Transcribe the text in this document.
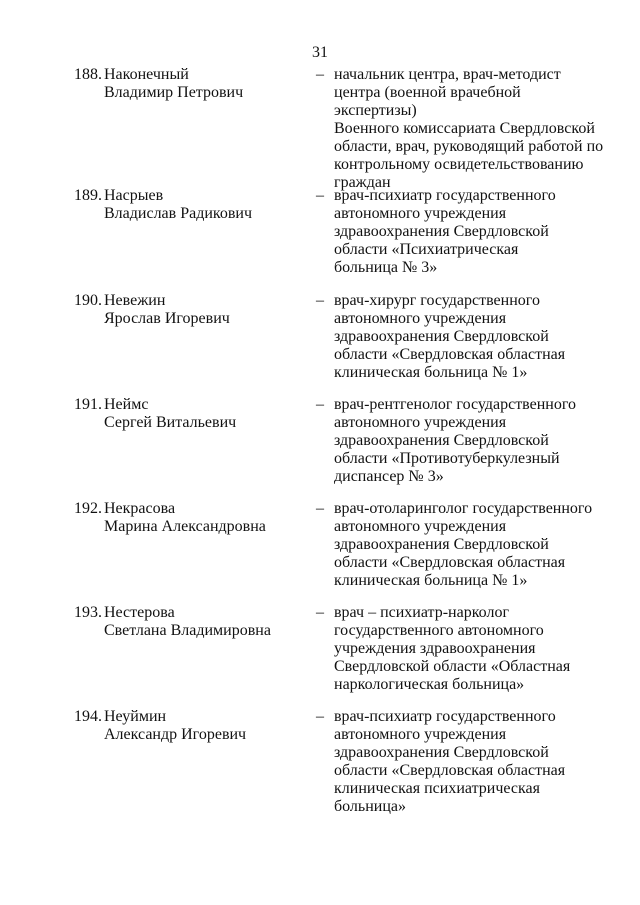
31
188. Наконечный
Владимир Петрович
– начальник центра, врач-методист
центра (военной врачебной экспертизы)
Военного комиссариата Свердловской
области, врач, руководящий работой по
контрольному освидетельствованию
граждан
189. Насрыев
Владислав Радикович
– врач-психиатр государственного
автономного учреждения
здравоохранения Свердловской
области «Психиатрическая
больница № 3»
190. Невежин
Ярослав Игоревич
– врач-хирург государственного
автономного учреждения
здравоохранения Свердловской
области «Свердловская областная
клиническая больница № 1»
191. Неймс
Сергей Витальевич
– врач-рентгенолог государственного
автономного учреждения
здравоохранения Свердловской
области «Противотуберкулезный
диспансер № 3»
192. Некрасова
Марина Александровна
– врач-отоларинголог государственного
автономного учреждения
здравоохранения Свердловской
области «Свердловская областная
клиническая больница № 1»
193. Нестерова
Светлана Владимировна
– врач – психиатр-нарколог
государственного автономного
учреждения здравоохранения
Свердловской области «Областная
наркологическая больница»
194. Неуймин
Александр Игоревич
– врач-психиатр государственного
автономного учреждения
здравоохранения Свердловской
области «Свердловская областная
клиническая психиатрическая
больница»
